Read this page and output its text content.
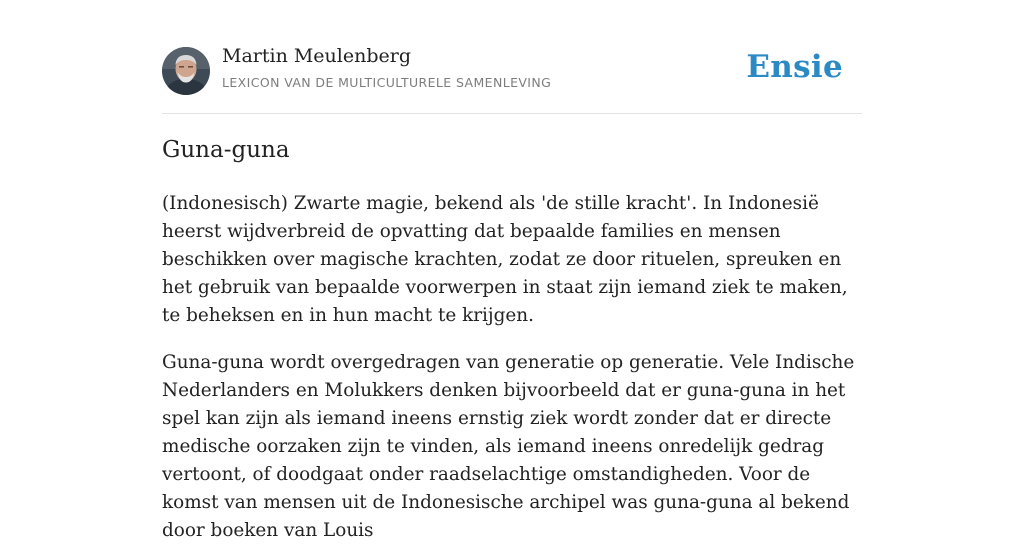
Martin Meulenberg
LEXICON VAN DE MULTICULTURELE SAMENLEVING	Ensie
Guna-guna

(Indonesisch) Zwarte magie, bekend als 'de stille kracht'. In Indonesië heerst wijdverbreid de opvatting dat bepaalde families en mensen beschikken over magische krachten, zodat ze door rituelen, spreuken en het gebruik van bepaalde voorwerpen in staat zijn iemand ziek te maken, te beheksen en in hun macht te krijgen.

Guna-guna wordt overgedragen van generatie op generatie. Vele Indische Nederlanders en Molukkers denken bijvoorbeeld dat er guna-guna in het spel kan zijn als iemand ineens ernstig ziek wordt zonder dat er directe medische oorzaken zijn te vinden, als iemand ineens onredelijk gedrag vertoont, of doodgaat onder raadselachtige omstandigheden. Voor de komst van mensen uit de Indonesische archipel was guna-guna al bekend door boeken van Louis
